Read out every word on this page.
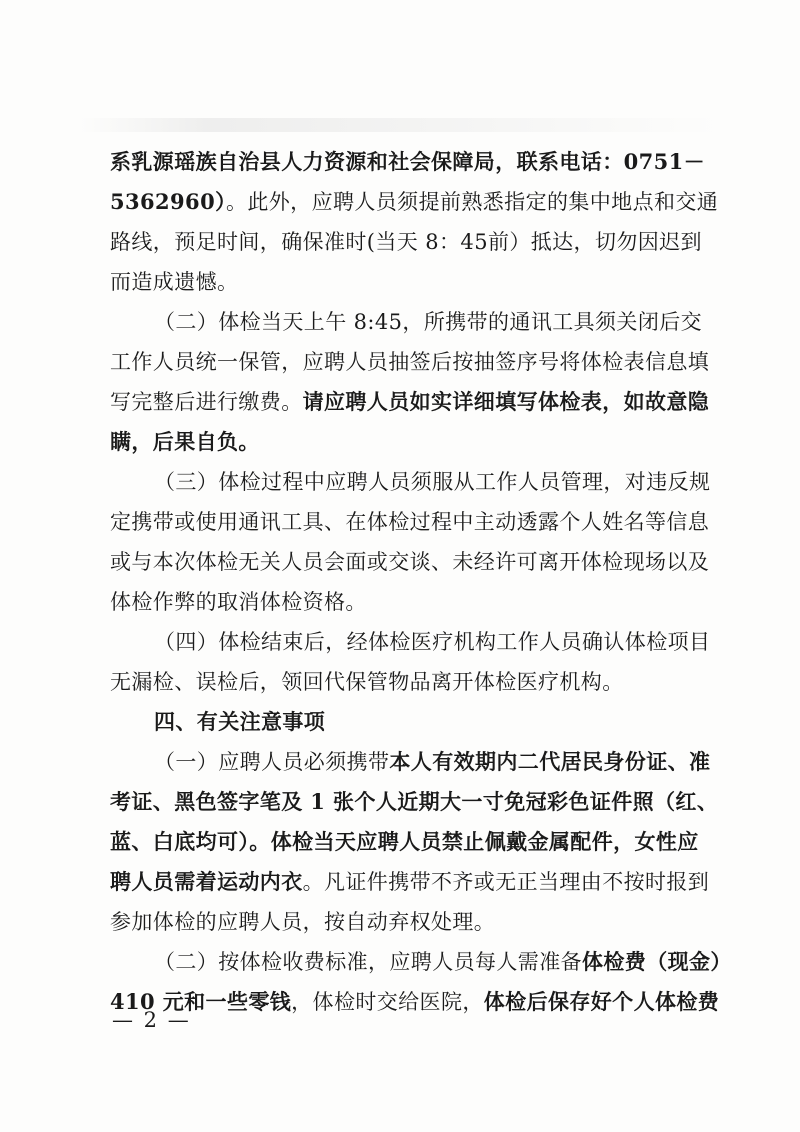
系乳源瑶族自治县人力资源和社会保障局，联系电话：0751－
5362960）。此外，应聘人员须提前熟悉指定的集中地点和交通
路线，预足时间，确保准时(当天 8：45前）抵达，切勿因迟到
而造成遗憾。
（二）体检当天上午 8:45，所携带的通讯工具须关闭后交
工作人员统一保管，应聘人员抽签后按抽签序号将体检表信息填
写完整后进行缴费。请应聘人员如实详细填写体检表，如故意隐
瞒，后果自负。
（三）体检过程中应聘人员须服从工作人员管理，对违反规
定携带或使用通讯工具、在体检过程中主动透露个人姓名等信息
或与本次体检无关人员会面或交谈、未经许可离开体检现场以及
体检作弊的取消体检资格。
（四）体检结束后，经体检医疗机构工作人员确认体检项目
无漏检、误检后，领回代保管物品离开体检医疗机构。
四、有关注意事项
（一）应聘人员必须携带本人有效期内二代居民身份证、准
考证、黑色签字笔及 1 张个人近期大一寸免冠彩色证件照（红、
蓝、白底均可）。体检当天应聘人员禁止佩戴金属配件，女性应
聘人员需着运动内衣。凡证件携带不齐或无正当理由不按时报到
参加体检的应聘人员，按自动弃权处理。
（二）按体检收费标准，应聘人员每人需准备体检费（现金）
410 元和一些零钱，体检时交给医院，体检后保存好个人体检费
— 2 —
